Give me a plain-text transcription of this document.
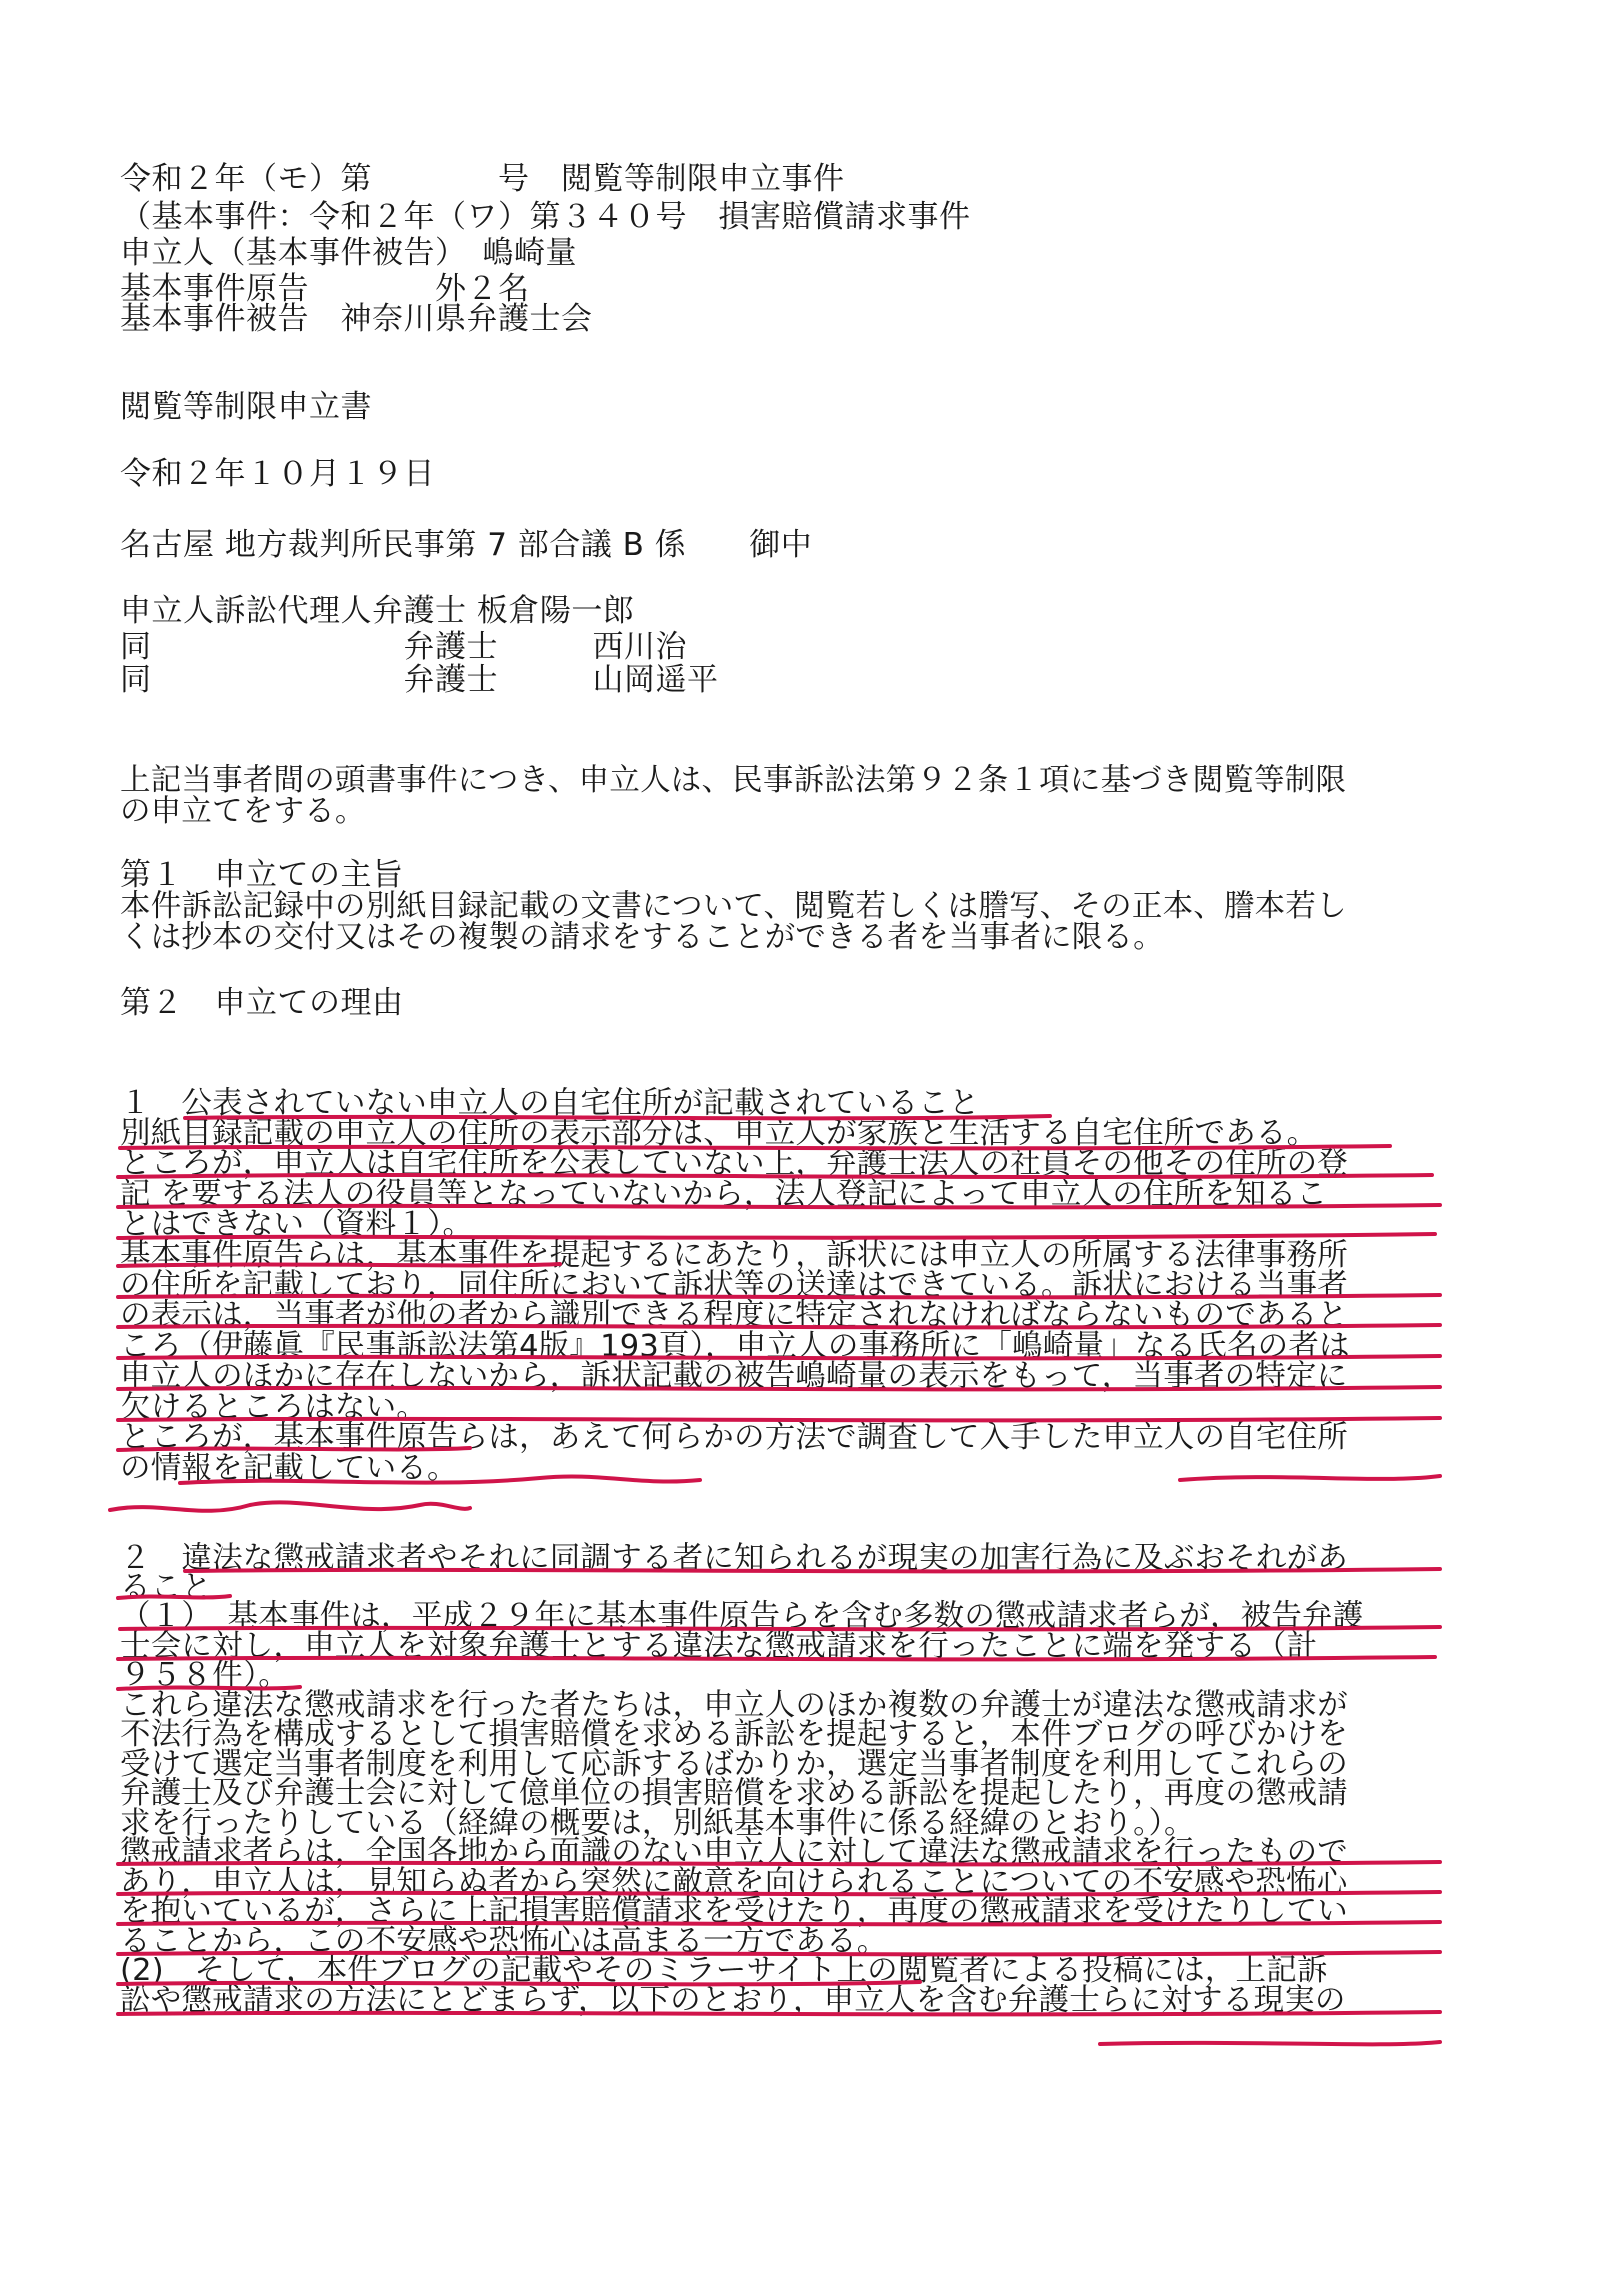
令和２年（モ）第　　　　号　閲覧等制限申立事件
（基本事件：令和２年（ワ）第３４０号　損害賠償請求事件
申立人（基本事件被告）　嶋崎量
基本事件原告　　　　外２名
基本事件被告　神奈川県弁護士会
閲覧等制限申立書
令和２年１０月１９日
名古屋 地方裁判所民事第 7 部合議 B 係　　御中
申立人訴訟代理人弁護士 板倉陽一郎
同　　　　　　　　弁護士　　　西川治
同　　　　　　　　弁護士　　　山岡遥平
上記当事者間の頭書事件につき、申立人は、民事訴訟法第９２条１項に基づき閲覧等制限
の申立てをする。
第１　申立ての主旨
本件訴訟記録中の別紙目録記載の文書について、閲覧若しくは謄写、その正本、謄本若し
くは抄本の交付又はその複製の請求をすることができる者を当事者に限る。
第２　申立ての理由
１　公表されていない申立人の自宅住所が記載されていること
別紙目録記載の申立人の住所の表示部分は、申立人が家族と生活する自宅住所である。
ところが，申立人は自宅住所を公表していない上，弁護士法人の社員その他その住所の登
記 を要する法人の役員等となっていないから，法人登記によって申立人の住所を知るこ
とはできない（資料１）。
基本事件原告らは，基本事件を提起するにあたり，訴状には申立人の所属する法律事務所
の住所を記載しており，同住所において訴状等の送達はできている。訴状における当事者
の表示は，当事者が他の者から識別できる程度に特定されなければならないものであると
ころ（伊藤眞『民事訴訟法第4版』193頁），申立人の事務所に「嶋崎量」なる氏名の者は
申立人のほかに存在しないから，訴状記載の被告嶋崎量の表示をもって，当事者の特定に
欠けるところはない。
ところが，基本事件原告らは，あえて何らかの方法で調査して入手した申立人の自宅住所
の情報を記載している。
２　違法な懲戒請求者やそれに同調する者に知られるが現実の加害行為に及ぶおそれがあ
ること
（１）　基本事件は，平成２９年に基本事件原告らを含む多数の懲戒請求者らが，被告弁護
士会に対し，申立人を対象弁護士とする違法な懲戒請求を行ったことに端を発する（計
９５８件）。
これら違法な懲戒請求を行った者たちは，申立人のほか複数の弁護士が違法な懲戒請求が
不法行為を構成するとして損害賠償を求める訴訟を提起すると，本件ブログの呼びかけを
受けて選定当事者制度を利用して応訴するばかりか，選定当事者制度を利用してこれらの
弁護士及び弁護士会に対して億単位の損害賠償を求める訴訟を提起したり，再度の懲戒請
求を行ったりしている（経緯の概要は，別紙基本事件に係る経緯のとおり。）。
懲戒請求者らは，全国各地から面識のない申立人に対して違法な懲戒請求を行ったもので
あり，申立人は，見知らぬ者から突然に敵意を向けられることについての不安感や恐怖心
を抱いているが，さらに上記損害賠償請求を受けたり，再度の懲戒請求を受けたりしてい
ることから，この不安感や恐怖心は高まる一方である。
(2)　そして，本件ブログの記載やそのミラーサイト上の閲覧者による投稿には，上記訴
訟や懲戒請求の方法にとどまらず，以下のとおり，申立人を含む弁護士らに対する現実の
